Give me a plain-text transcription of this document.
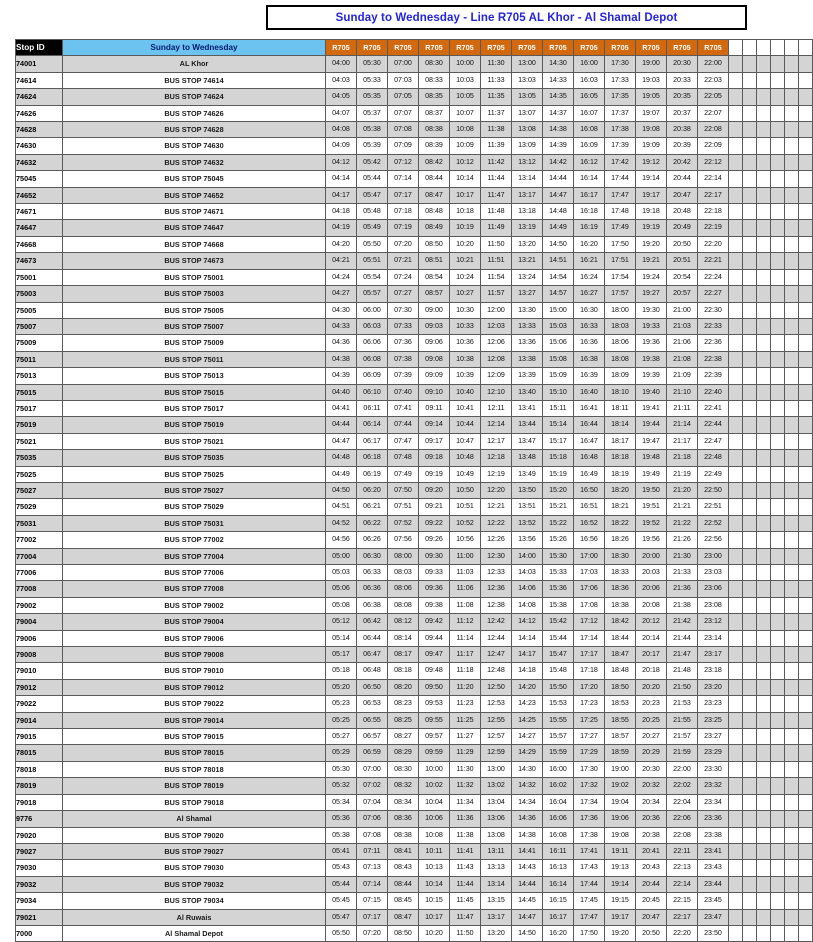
Sunday to Wednesday - Line R705 AL Khor - Al Shamal Depot
Stop ID	Sunday to Wednesday	R705	R705	R705	R705	R705	R705	R705	R705	R705	R705	R705	R705	R705						
74001	AL Khor	04:00	05:30	07:00	08:30	10:00	11:30	13:00	14:30	16:00	17:30	19:00	20:30	22:00						
74614	BUS STOP 74614	04:03	05:33	07:03	08:33	10:03	11:33	13:03	14:33	16:03	17:33	19:03	20:33	22:03						
74624	BUS STOP 74624	04:05	05:35	07:05	08:35	10:05	11:35	13:05	14:35	16:05	17:35	19:05	20:35	22:05						
74626	BUS STOP 74626	04:07	05:37	07:07	08:37	10:07	11:37	13:07	14:37	16:07	17:37	19:07	20:37	22:07						
74628	BUS STOP 74628	04:08	05:38	07:08	08:38	10:08	11:38	13:08	14:38	16:08	17:38	19:08	20:38	22:08						
74630	BUS STOP 74630	04:09	05:39	07:09	08:39	10:09	11:39	13:09	14:39	16:09	17:39	19:09	20:39	22:09						
74632	BUS STOP 74632	04:12	05:42	07:12	08:42	10:12	11:42	13:12	14:42	16:12	17:42	19:12	20:42	22:12						
75045	BUS STOP 75045	04:14	05:44	07:14	08:44	10:14	11:44	13:14	14:44	16:14	17:44	19:14	20:44	22:14						
74652	BUS STOP 74652	04:17	05:47	07:17	08:47	10:17	11:47	13:17	14:47	16:17	17:47	19:17	20:47	22:17						
74671	BUS STOP 74671	04:18	05:48	07:18	08:48	10:18	11:48	13:18	14:48	16:18	17:48	19:18	20:48	22:18						
74647	BUS STOP 74647	04:19	05:49	07:19	08:49	10:19	11:49	13:19	14:49	16:19	17:49	19:19	20:49	22:19						
74668	BUS STOP 74668	04:20	05:50	07:20	08:50	10:20	11:50	13:20	14:50	16:20	17:50	19:20	20:50	22:20						
74673	BUS STOP 74673	04:21	05:51	07:21	08:51	10:21	11:51	13:21	14:51	16:21	17:51	19:21	20:51	22:21						
75001	BUS STOP 75001	04:24	05:54	07:24	08:54	10:24	11:54	13:24	14:54	16:24	17:54	19:24	20:54	22:24						
75003	BUS STOP 75003	04:27	05:57	07:27	08:57	10:27	11:57	13:27	14:57	16:27	17:57	19:27	20:57	22:27						
75005	BUS STOP 75005	04:30	06:00	07:30	09:00	10:30	12:00	13:30	15:00	16:30	18:00	19:30	21:00	22:30						
75007	BUS STOP 75007	04:33	06:03	07:33	09:03	10:33	12:03	13:33	15:03	16:33	18:03	19:33	21:03	22:33						
75009	BUS STOP 75009	04:36	06:06	07:36	09:06	10:36	12:06	13:36	15:06	16:36	18:06	19:36	21:06	22:36						
75011	BUS STOP 75011	04:38	06:08	07:38	09:08	10:38	12:08	13:38	15:08	16:38	18:08	19:38	21:08	22:38						
75013	BUS STOP 75013	04:39	06:09	07:39	09:09	10:39	12:09	13:39	15:09	16:39	18:09	19:39	21:09	22:39						
75015	BUS STOP 75015	04:40	06:10	07:40	09:10	10:40	12:10	13:40	15:10	16:40	18:10	19:40	21:10	22:40						
75017	BUS STOP 75017	04:41	06:11	07:41	09:11	10:41	12:11	13:41	15:11	16:41	18:11	19:41	21:11	22:41						
75019	BUS STOP 75019	04:44	06:14	07:44	09:14	10:44	12:14	13:44	15:14	16:44	18:14	19:44	21:14	22:44						
75021	BUS STOP 75021	04:47	06:17	07:47	09:17	10:47	12:17	13:47	15:17	16:47	18:17	19:47	21:17	22:47						
75035	BUS STOP 75035	04:48	06:18	07:48	09:18	10:48	12:18	13:48	15:18	16:48	18:18	19:48	21:18	22:48						
75025	BUS STOP 75025	04:49	06:19	07:49	09:19	10:49	12:19	13:49	15:19	16:49	18:19	19:49	21:19	22:49						
75027	BUS STOP 75027	04:50	06:20	07:50	09:20	10:50	12:20	13:50	15:20	16:50	18:20	19:50	21:20	22:50						
75029	BUS STOP 75029	04:51	06:21	07:51	09:21	10:51	12:21	13:51	15:21	16:51	18:21	19:51	21:21	22:51						
75031	BUS STOP 75031	04:52	06:22	07:52	09:22	10:52	12:22	13:52	15:22	16:52	18:22	19:52	21:22	22:52						
77002	BUS STOP 77002	04:56	06:26	07:56	09:26	10:56	12:26	13:56	15:26	16:56	18:26	19:56	21:26	22:56						
77004	BUS STOP 77004	05:00	06:30	08:00	09:30	11:00	12:30	14:00	15:30	17:00	18:30	20:00	21:30	23:00						
77006	BUS STOP 77006	05:03	06:33	08:03	09:33	11:03	12:33	14:03	15:33	17:03	18:33	20:03	21:33	23:03						
77008	BUS STOP 77008	05:06	06:36	08:06	09:36	11:06	12:36	14:06	15:36	17:06	18:36	20:06	21:36	23:06						
79002	BUS STOP 79002	05:08	06:38	08:08	09:38	11:08	12:38	14:08	15:38	17:08	18:38	20:08	21:38	23:08						
79004	BUS STOP 79004	05:12	06:42	08:12	09:42	11:12	12:42	14:12	15:42	17:12	18:42	20:12	21:42	23:12						
79006	BUS STOP 79006	05:14	06:44	08:14	09:44	11:14	12:44	14:14	15:44	17:14	18:44	20:14	21:44	23:14						
79008	BUS STOP 79008	05:17	06:47	08:17	09:47	11:17	12:47	14:17	15:47	17:17	18:47	20:17	21:47	23:17						
79010	BUS STOP 79010	05:18	06:48	08:18	09:48	11:18	12:48	14:18	15:48	17:18	18:48	20:18	21:48	23:18						
79012	BUS STOP 79012	05:20	06:50	08:20	09:50	11:20	12:50	14:20	15:50	17:20	18:50	20:20	21:50	23:20						
79022	BUS STOP 79022	05:23	06:53	08:23	09:53	11:23	12:53	14:23	15:53	17:23	18:53	20:23	21:53	23:23						
79014	BUS STOP 79014	05:25	06:55	08:25	09:55	11:25	12:55	14:25	15:55	17:25	18:55	20:25	21:55	23:25						
79015	BUS STOP 79015	05:27	06:57	08:27	09:57	11:27	12:57	14:27	15:57	17:27	18:57	20:27	21:57	23:27						
78015	BUS STOP 78015	05:29	06:59	08:29	09:59	11:29	12:59	14:29	15:59	17:29	18:59	20:29	21:59	23:29						
78018	BUS STOP 78018	05:30	07:00	08:30	10:00	11:30	13:00	14:30	16:00	17:30	19:00	20:30	22:00	23:30						
78019	BUS STOP 78019	05:32	07:02	08:32	10:02	11:32	13:02	14:32	16:02	17:32	19:02	20:32	22:02	23:32						
79018	BUS STOP 79018	05:34	07:04	08:34	10:04	11:34	13:04	14:34	16:04	17:34	19:04	20:34	22:04	23:34						
9776	Al Shamal	05:36	07:06	08:36	10:06	11:36	13:06	14:36	16:06	17:36	19:06	20:36	22:06	23:36						
79020	BUS STOP 79020	05:38	07:08	08:38	10:08	11:38	13:08	14:38	16:08	17:38	19:08	20:38	22:08	23:38						
79027	BUS STOP 79027	05:41	07:11	08:41	10:11	11:41	13:11	14:41	16:11	17:41	19:11	20:41	22:11	23:41						
79030	BUS STOP 79030	05:43	07:13	08:43	10:13	11:43	13:13	14:43	16:13	17:43	19:13	20:43	22:13	23:43						
79032	BUS STOP 79032	05:44	07:14	08:44	10:14	11:44	13:14	14:44	16:14	17:44	19:14	20:44	22:14	23:44						
79034	BUS STOP 79034	05:45	07:15	08:45	10:15	11:45	13:15	14:45	16:15	17:45	19:15	20:45	22:15	23:45						
79021	Al Ruwais	05:47	07:17	08:47	10:17	11:47	13:17	14:47	16:17	17:47	19:17	20:47	22:17	23:47						
7000	Al Shamal Depot	05:50	07:20	08:50	10:20	11:50	13:20	14:50	16:20	17:50	19:20	20:50	22:20	23:50						
